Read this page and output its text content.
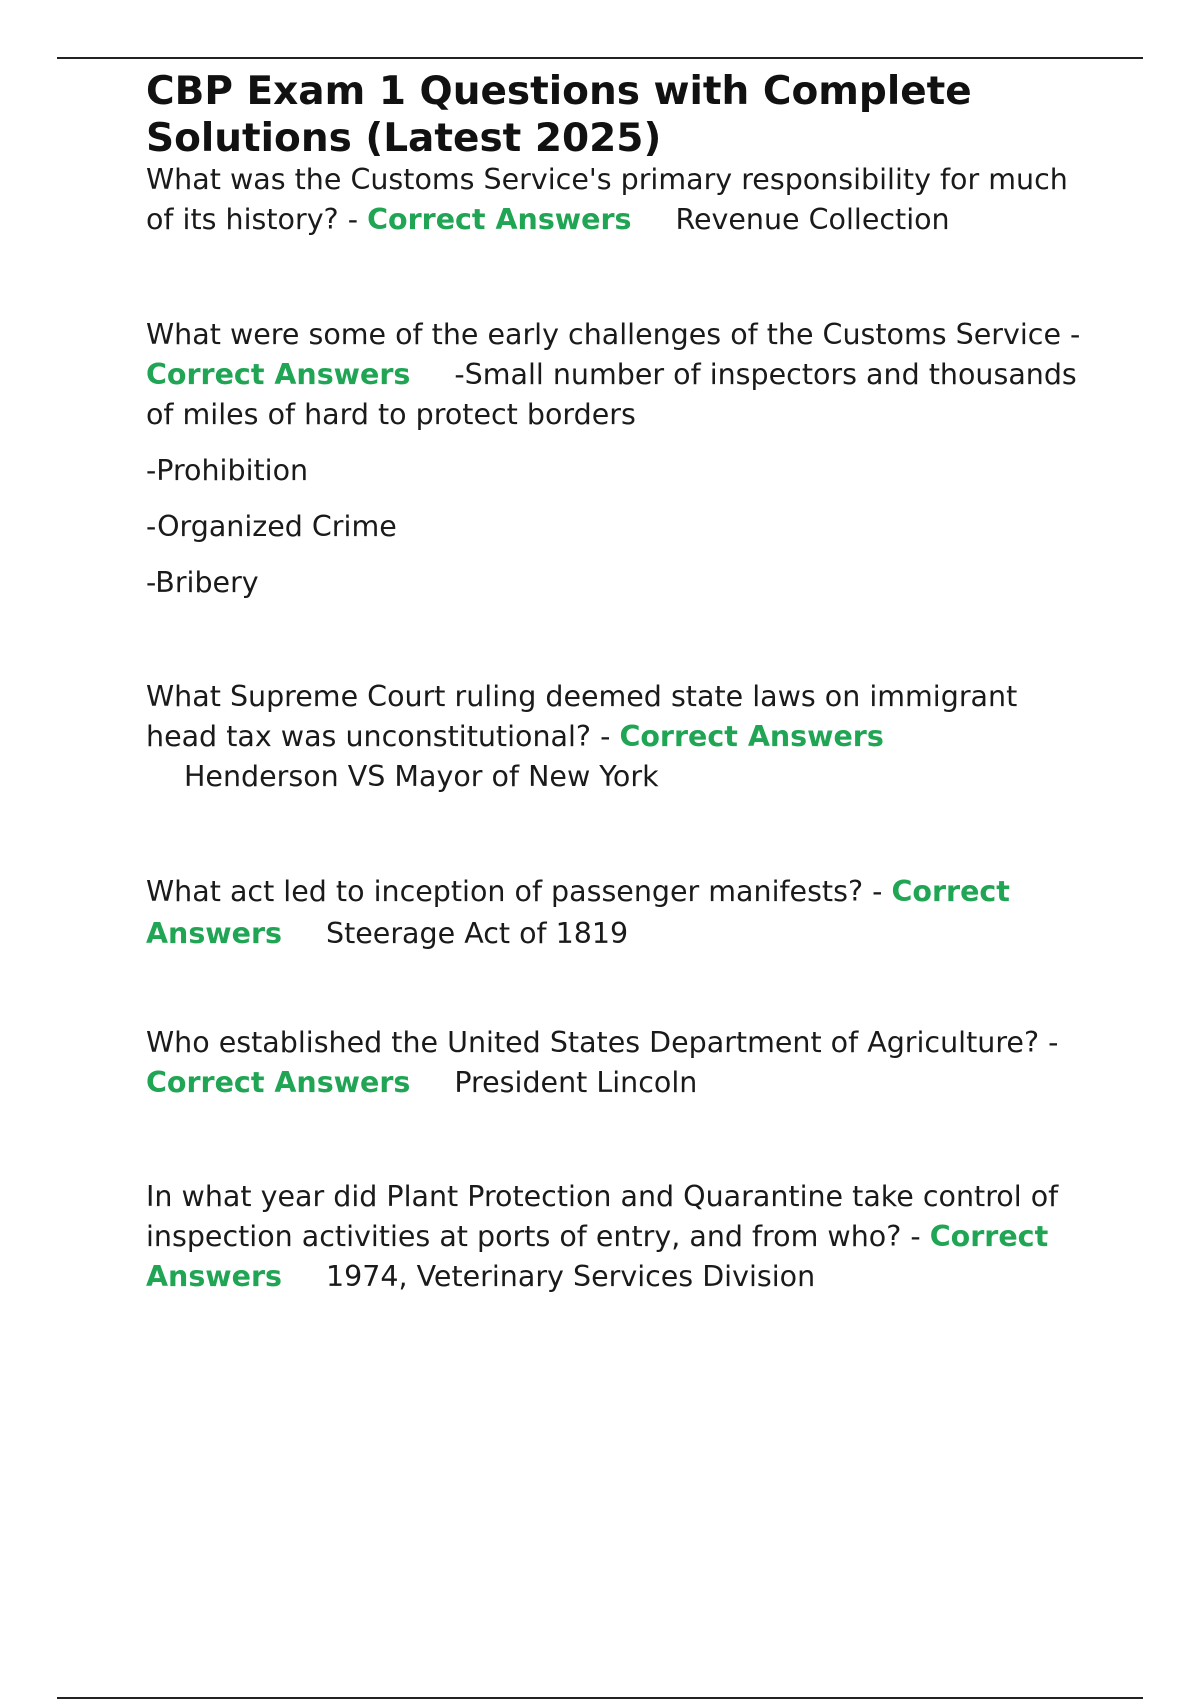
CBP Exam 1 Questions with Complete Solutions (Latest 2025)

What was the Customs Service's primary responsibility for much of its history? - Correct Answers Revenue Collection

What were some of the early challenges of the Customs Service - Correct Answers -Small number of inspectors and thousands of miles of hard to protect borders

-Prohibition

-Organized Crime

-Bribery

What Supreme Court ruling deemed state laws on immigrant head tax was unconstitutional? - Correct Answers
Henderson VS Mayor of New York

What act led to inception of passenger manifests? - Correct Answers Steerage Act of 1819

Who established the United States Department of Agriculture? - Correct Answers President Lincoln

In what year did Plant Protection and Quarantine take control of inspection activities at ports of entry, and from who? - Correct Answers 1974, Veterinary Services Division
